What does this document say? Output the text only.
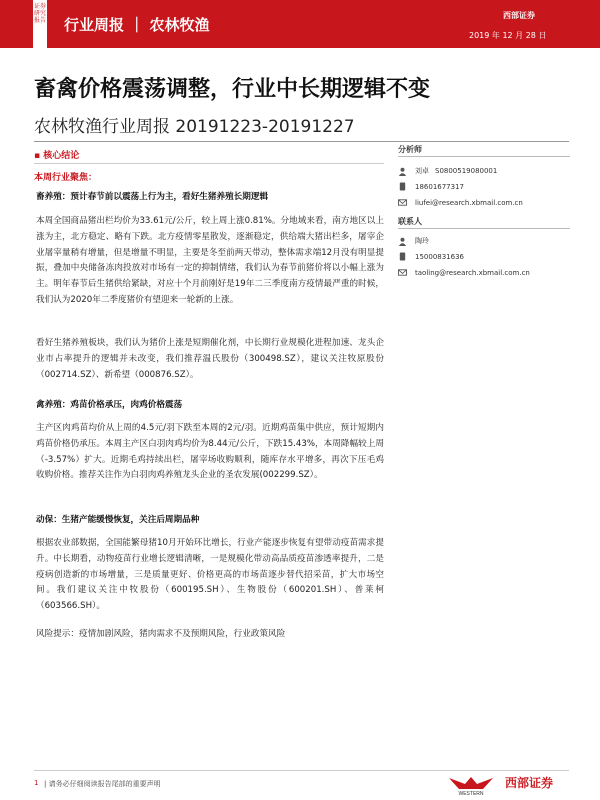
证券研究报告 行业周报 ｜ 农林牧渔
西部证券
2019 年 12 月 28 日
畜禽价格震荡调整，行业中长期逻辑不变
农林牧渔行业周报 20191223-20191227
▪ 核心结论
本周行业聚焦：
畜养殖：预计春节前以震荡上行为主，看好生猪养殖长期逻辑
本周全国商品猪出栏均价为33.61元/公斤，较上周上涨0.81%。分地域来看，南方地区以上涨为主，北方稳定、略有下跌。北方疫情零星散发，逐渐稳定，供给端大猪出栏多，屠宰企业屠宰量稍有增量，但是增量不明显，主要是冬至前两天带动，整体需求端12月没有明显提振，叠加中央储备冻肉投放对市场有一定的抑制情绪，我们认为春节前猪价将以小幅上涨为主。明年春节后生猪供给紧缺，对应十个月前刚好是19年二三季度南方疫情最严重的时候，我们认为2020年二季度猪价有望迎来一轮新的上涨。
看好生猪养殖板块，我们认为猪价上涨是短期催化剂，中长期行业规模化进程加速、龙头企业市占率提升的逻辑并未改变，我们推荐温氏股份（300498.SZ），建议关注牧原股份（002714.SZ）、新希望（000876.SZ）。
禽养殖：鸡苗价格承压，肉鸡价格震荡
主产区肉鸡苗均价从上周的4.5元/羽下跌至本周的2元/羽。近期鸡苗集中供应，预计短期内鸡苗价格仍承压。本周主产区白羽肉鸡均价为8.44元/公斤，下跌15.43%，本周降幅较上周（-3.57%）扩大。近期毛鸡持续出栏，屠宰场收购顺利，随库存水平增多，再次下压毛鸡收购价格。推荐关注作为白羽肉鸡养殖龙头企业的圣农发展(002299.SZ）。
动保：生猪产能缓慢恢复，关注后周期品种
根据农业部数据，全国能繁母猪10月开始环比增长，行业产能逐步恢复有望带动疫苗需求提升。中长期看，动物疫苗行业增长逻辑清晰，一是规模化带动高品质疫苗渗透率提升，二是疫病创造新的市场增量，三是质量更好、价格更高的市场苗逐步替代招采苗，扩大市场空间。我们建议关注中牧股份（600195.SH）、生物股份（600201.SH）、普莱柯（603566.SH）。
风险提示：疫情加剧风险，猪肉需求不及预期风险，行业政策风险
分析师
刘卓 S0800519080001
18601677317
liufei@research.xbmail.com.cn
联系人
陶玲
15000831636
taoling@research.xbmail.com.cn
1 | 请务必仔细阅读报告尾部的重要声明
WESTERN
西部证券
